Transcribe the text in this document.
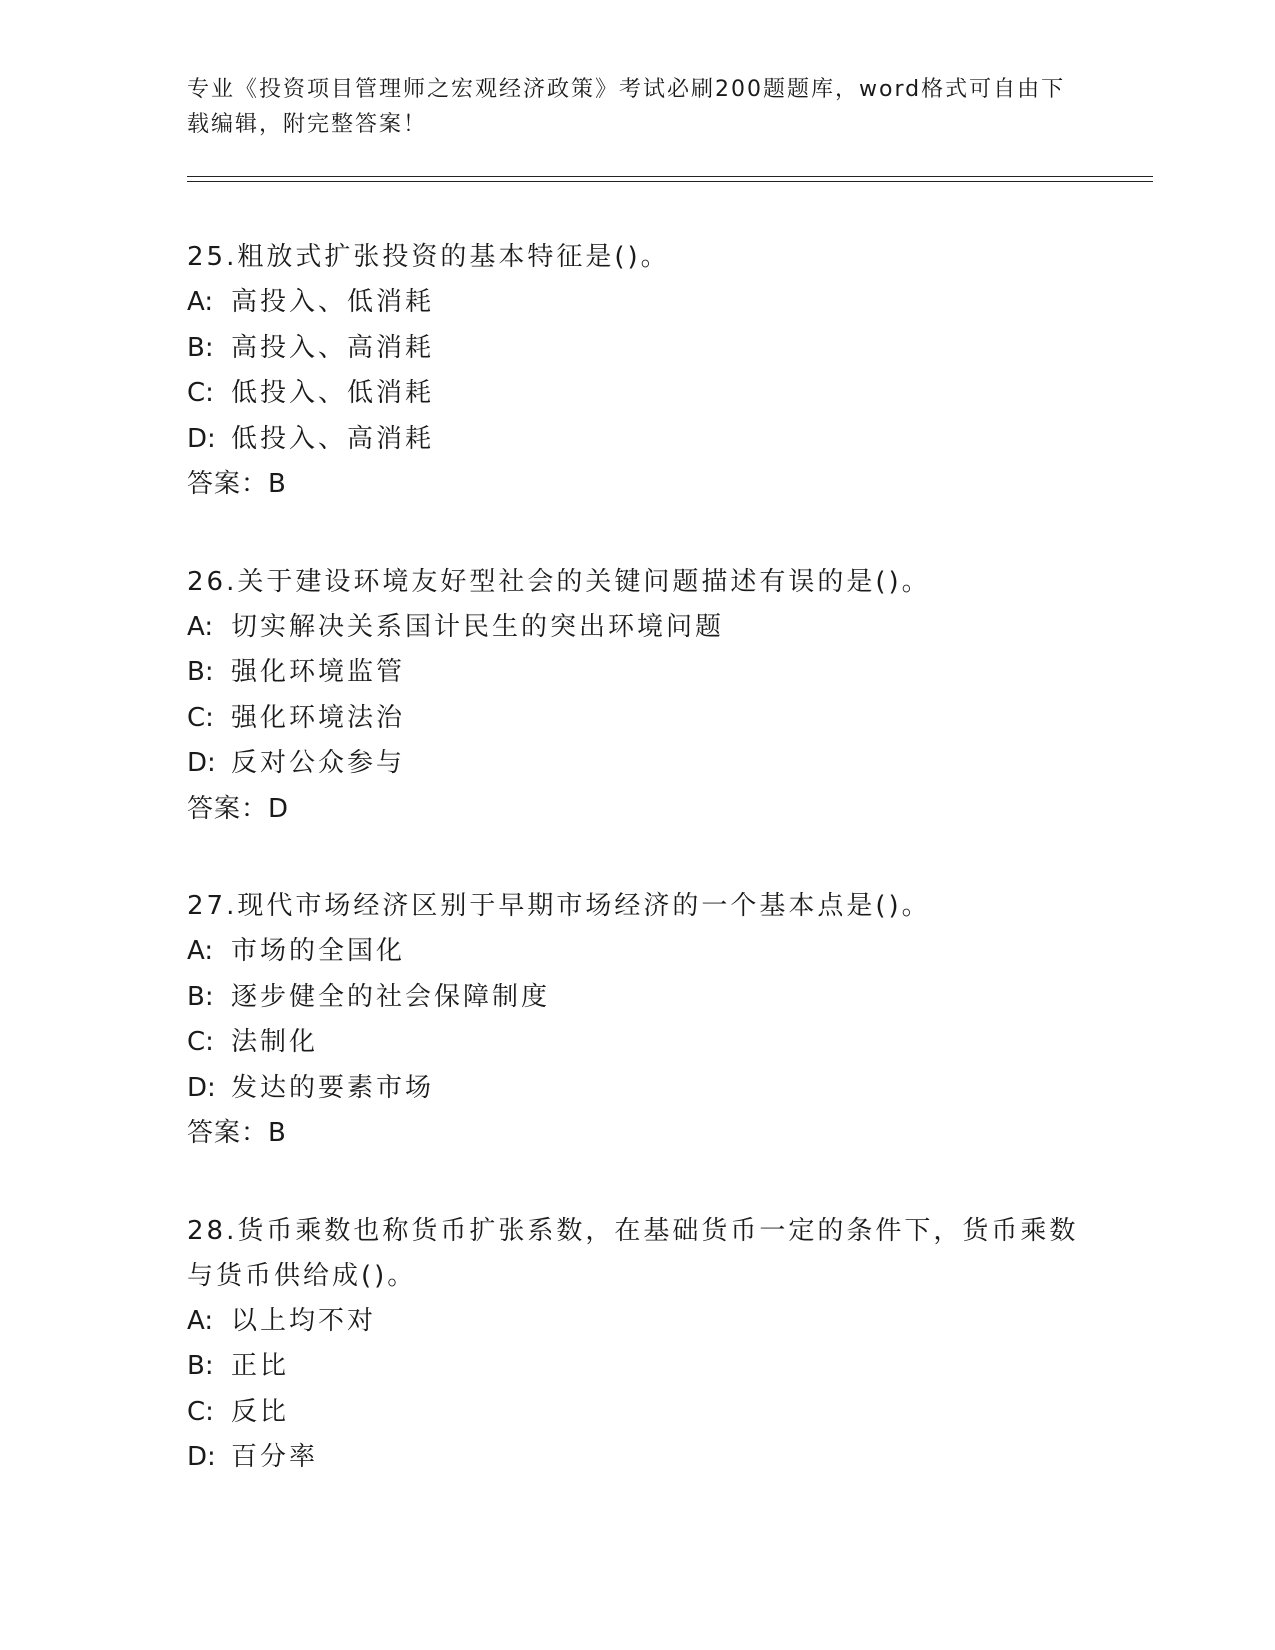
专业《投资项目管理师之宏观经济政策》考试必刷200题题库，word格式可自由下载编辑，附完整答案！

25.粗放式扩张投资的基本特征是()。

A: 高投入、低消耗

B: 高投入、高消耗

C: 低投入、低消耗

D: 低投入、高消耗

答案：B

26.关于建设环境友好型社会的关键问题描述有误的是()。

A: 切实解决关系国计民生的突出环境问题

B: 强化环境监管

C: 强化环境法治

D: 反对公众参与

答案：D

27.现代市场经济区别于早期市场经济的一个基本点是()。

A: 市场的全国化

B: 逐步健全的社会保障制度

C: 法制化

D: 发达的要素市场

答案：B

28.货币乘数也称货币扩张系数，在基础货币一定的条件下，货币乘数与货币供给成()。

A: 以上均不对

B: 正比

C: 反比

D: 百分率
